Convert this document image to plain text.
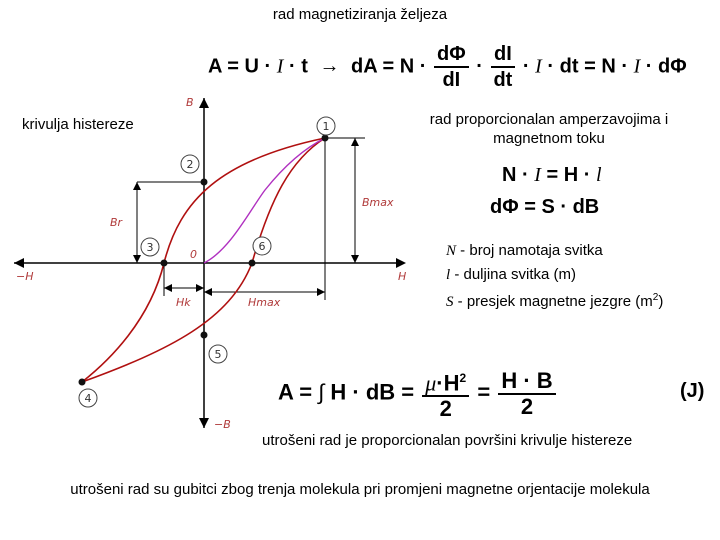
rad magnetiziranja željeza
krivulja histereze	rad proporcionalan amperzavojima i magnetnom toku
A = U · I · t → dA = $N \cdot \frac{d\Phi}{dI} \cdot \frac{dI}{dt} \cdot I$ · dt = N · I · dΦ
N · I = H · l
dΦ = S · dB
N - broj namotaja svitka
l - duljina svitka (m)
S - presjek magnetne jezgre $(m^2)$
A = ∫ H · dB = $\frac{\mu\cdot H^2}{2} = \frac{H \cdot B}{2}$	(J)
utrošeni rad je proporcionalan površini krivulje histereze
utrošeni rad su gubitci zbog trenja molekula pri promjeni magnetne orjentacije molekula
1
2
3
4
5
6
B
−B
H
−H
0
Br
Bmax
Hk	Hmax
